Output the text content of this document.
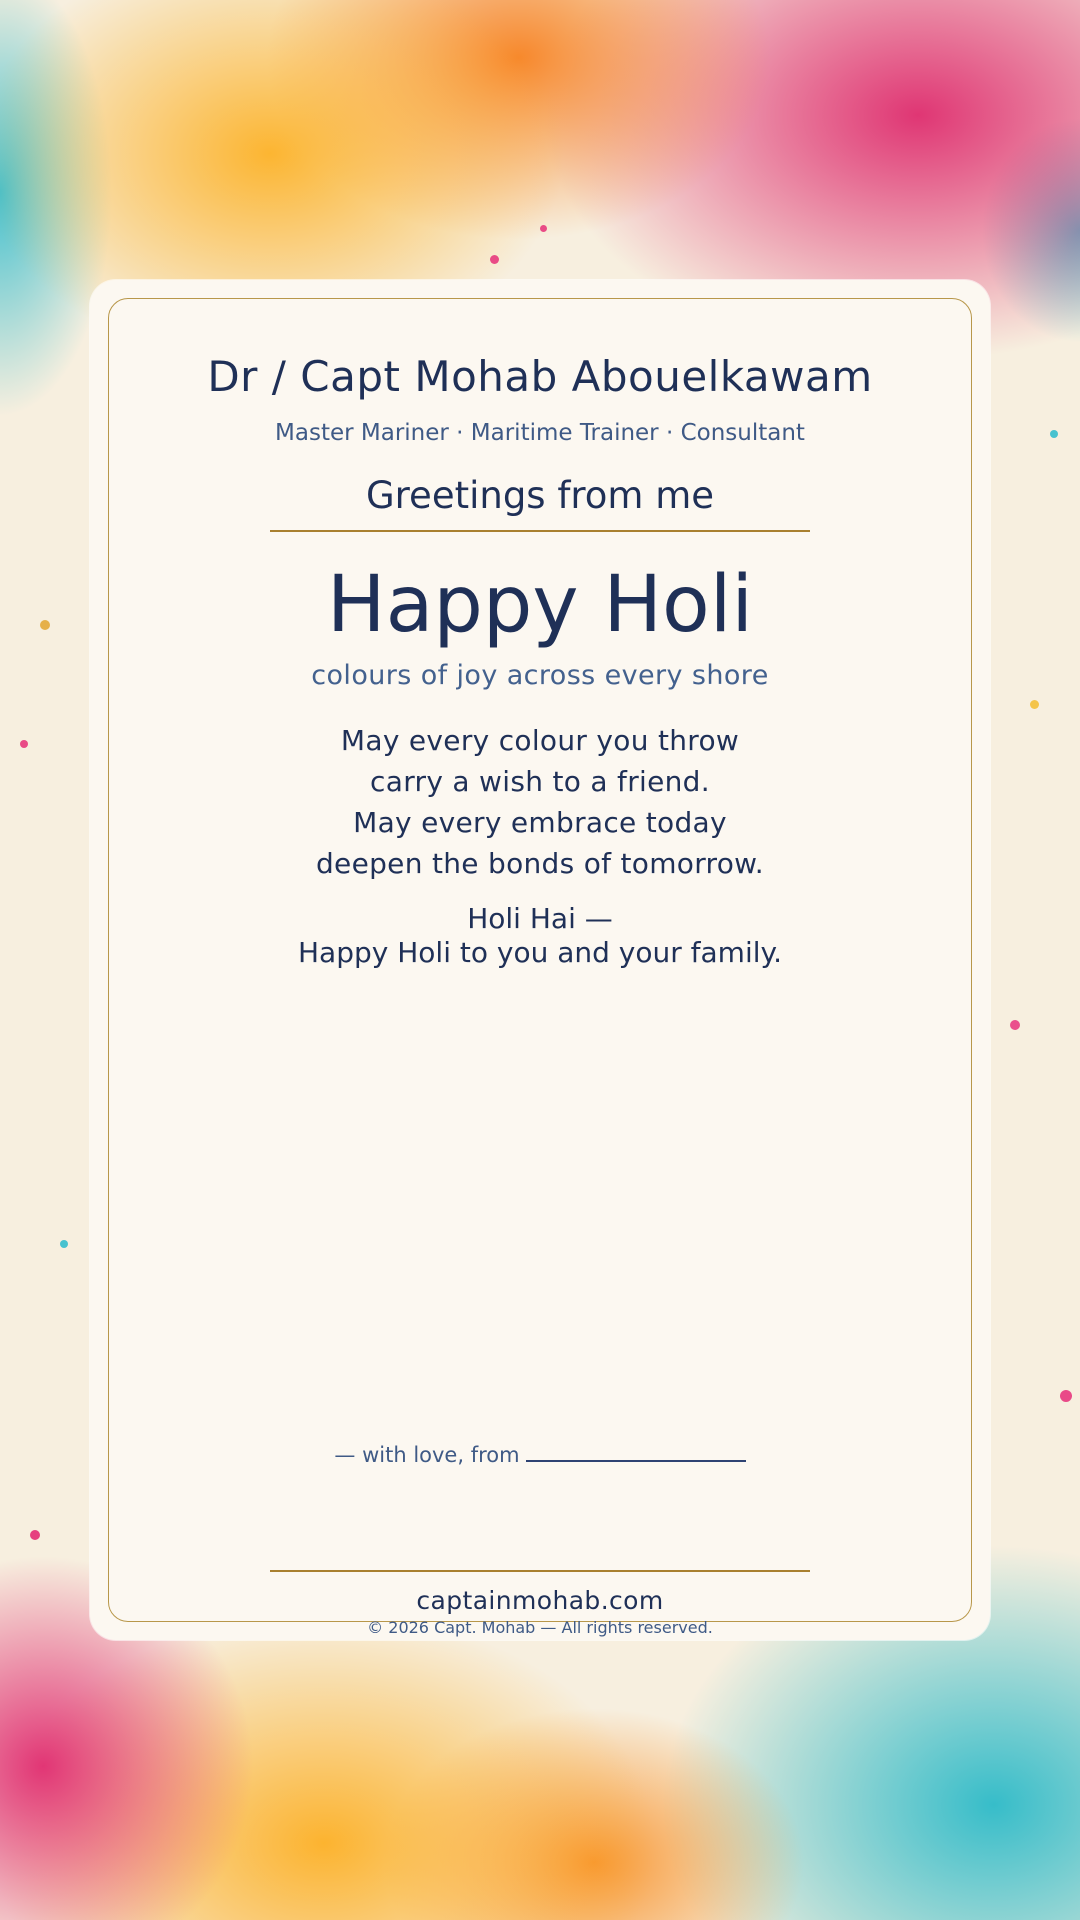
Dr / Capt Mohab Abouelkawam
Master Mariner · Maritime Trainer · Consultant
Greetings from me
Happy Holi
colours of joy across every shore
May every colour you throw
carry a wish to a friend.
May every embrace today
deepen the bonds of tomorrow.
Holi Hai —
Happy Holi to you and your family.
— with love, from
captainmohab.com
© 2026 Capt. Mohab — All rights reserved.
